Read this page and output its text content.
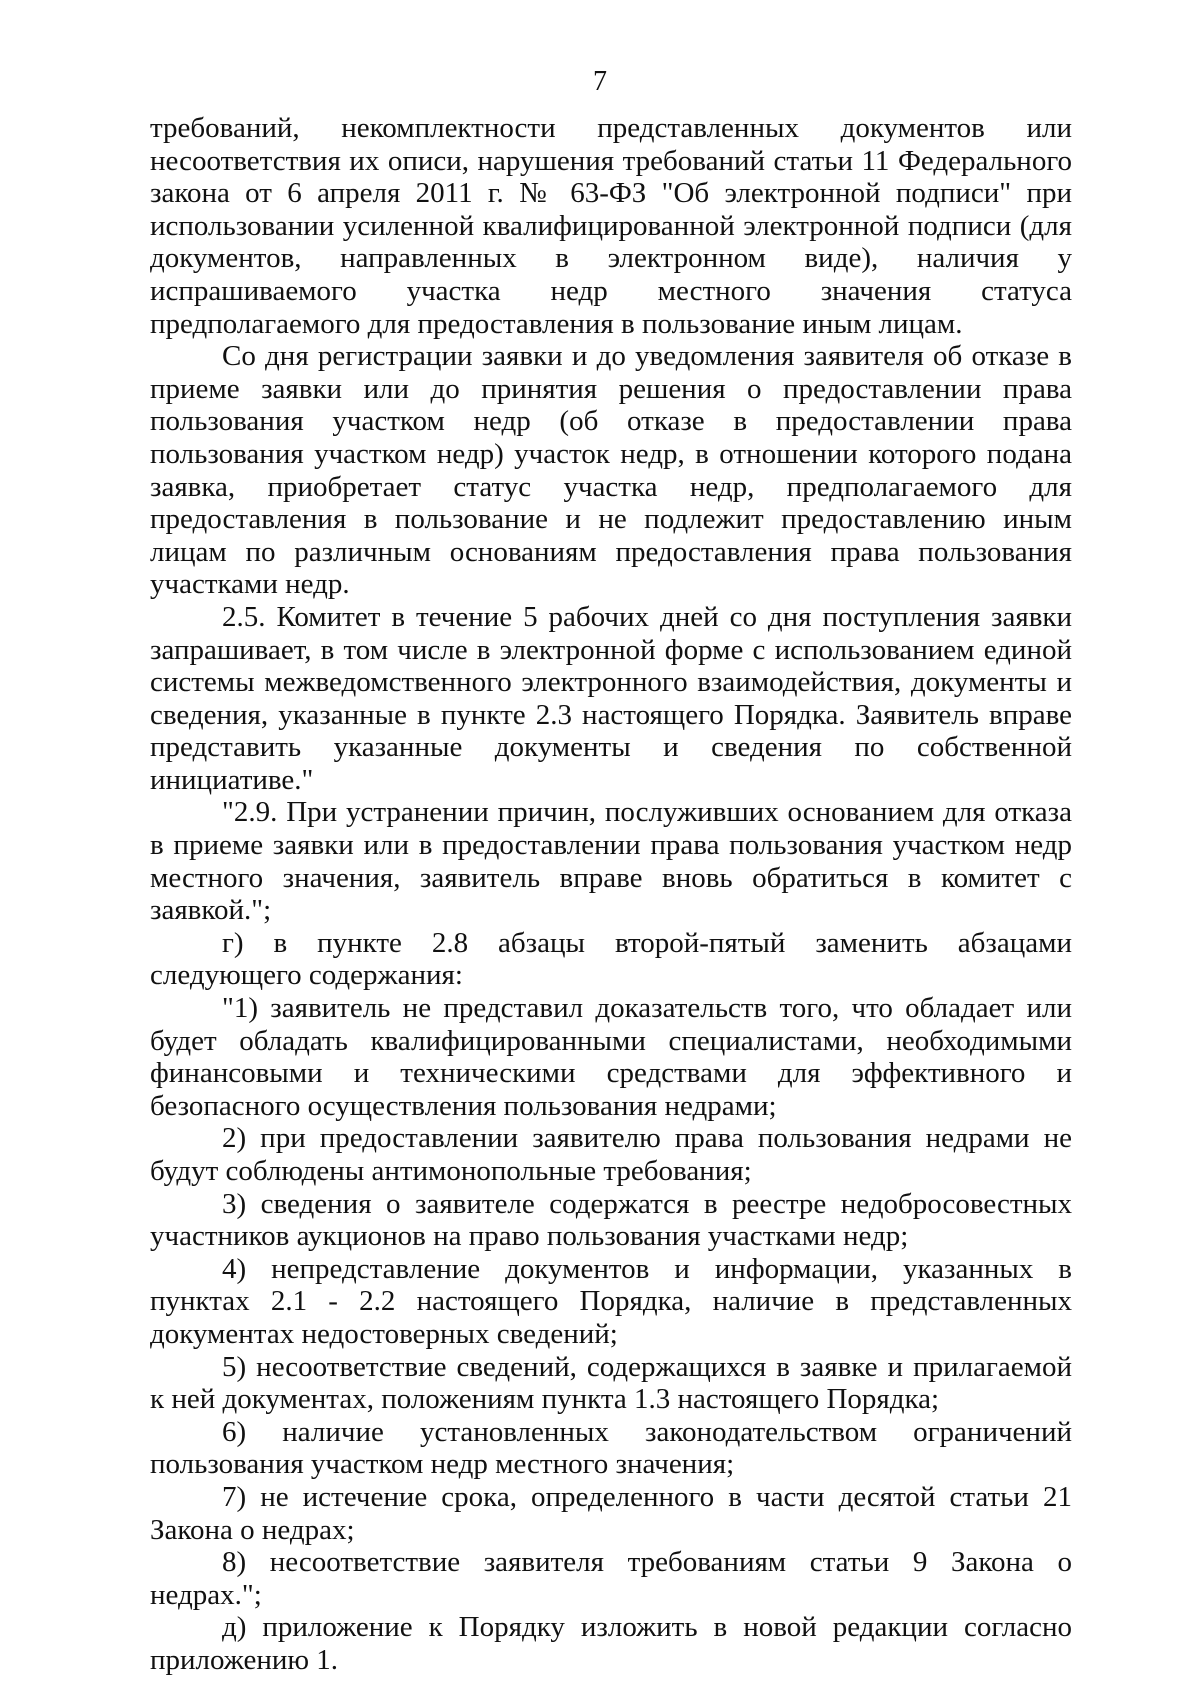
7

требований, некомплектности представленных документов или несоответствия их описи, нарушения требований статьи 11 Федерального закона от 6 апреля 2011 г. № 63-ФЗ "Об электронной подписи" при использовании усиленной квалифицированной электронной подписи (для документов, направленных в электронном виде), наличия у испрашиваемого участка недр местного значения статуса предполагаемого для предоставления в пользование иным лицам.

Со дня регистрации заявки и до уведомления заявителя об отказе в приеме заявки или до принятия решения о предоставлении права пользования участком недр (об отказе в предоставлении права пользования участком недр) участок недр, в отношении которого подана заявка, приобретает статус участка недр, предполагаемого для предоставления в пользование и не подлежит предоставлению иным лицам по различным основаниям предоставления права пользования участками недр.

2.5. Комитет в течение 5 рабочих дней со дня поступления заявки запрашивает, в том числе в электронной форме с использованием единой системы межведомственного электронного взаимодействия, документы и сведения, указанные в пункте 2.3 настоящего Порядка. Заявитель вправе представить указанные документы и сведения по собственной инициативе."

"2.9. При устранении причин, послуживших основанием для отказа в приеме заявки или в предоставлении права пользования участком недр местного значения, заявитель вправе вновь обратиться в комитет с заявкой.";

г) в пункте 2.8 абзацы второй-пятый заменить абзацами следующего содержания:

"1) заявитель не представил доказательств того, что обладает или будет обладать квалифицированными специалистами, необходимыми финансовыми и техническими средствами для эффективного и безопасного осуществления пользования недрами;

2) при предоставлении заявителю права пользования недрами не будут соблюдены антимонопольные требования;

3) сведения о заявителе содержатся в реестре недобросовестных участников аукционов на право пользования участками недр;

4) непредставление документов и информации, указанных в пунктах 2.1 - 2.2 настоящего Порядка, наличие в представленных документах недостоверных сведений;

5) несоответствие сведений, содержащихся в заявке и прилагаемой к ней документах, положениям пункта 1.3 настоящего Порядка;

6) наличие установленных законодательством ограничений пользования участком недр местного значения;

7) не истечение срока, определенного в части десятой статьи 21 Закона о недрах;

8) несоответствие заявителя требованиям статьи 9 Закона о недрах.";

д) приложение к Порядку изложить в новой редакции согласно приложению 1.
